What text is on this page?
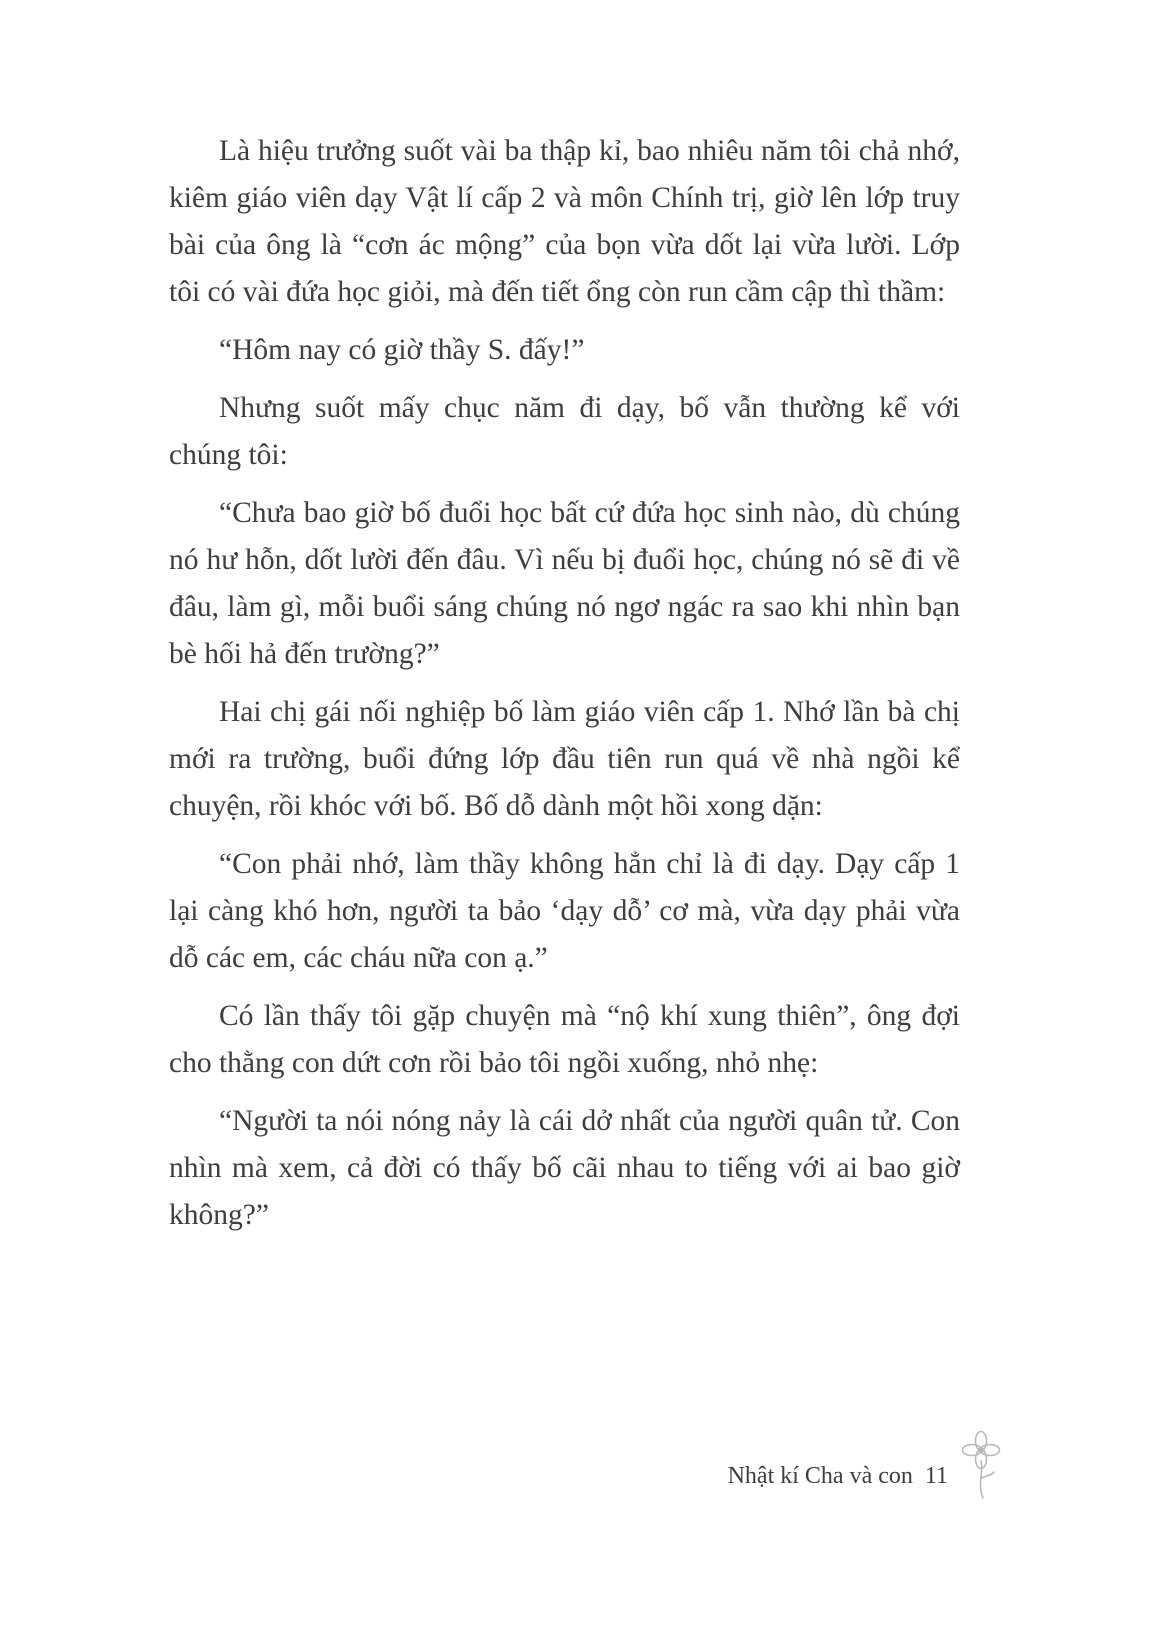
Là hiệu trưởng suốt vài ba thập kỉ, bao nhiêu năm tôi chả nhớ, kiêm giáo viên dạy Vật lí cấp 2 và môn Chính trị, giờ lên lớp truy bài của ông là “cơn ác mộng” của bọn vừa dốt lại vừa lười. Lớp tôi có vài đứa học giỏi, mà đến tiết ổng còn run cầm cập thì thầm:

“Hôm nay có giờ thầy S. đấy!”

Nhưng suốt mấy chục năm đi dạy, bố vẫn thường kể với chúng tôi:

“Chưa bao giờ bố đuổi học bất cứ đứa học sinh nào, dù chúng nó hư hỗn, dốt lười đến đâu. Vì nếu bị đuổi học, chúng nó sẽ đi về đâu, làm gì, mỗi buổi sáng chúng nó ngơ ngác ra sao khi nhìn bạn bè hối hả đến trường?”

Hai chị gái nối nghiệp bố làm giáo viên cấp 1. Nhớ lần bà chị mới ra trường, buổi đứng lớp đầu tiên run quá về nhà ngồi kể chuyện, rồi khóc với bố. Bố dỗ dành một hồi xong dặn:

“Con phải nhớ, làm thầy không hẳn chỉ là đi dạy. Dạy cấp 1 lại càng khó hơn, người ta bảo ‘dạy dỗ’ cơ mà, vừa dạy phải vừa dỗ các em, các cháu nữa con ạ.”

Có lần thấy tôi gặp chuyện mà “nộ khí xung thiên”, ông đợi cho thằng con dứt cơn rồi bảo tôi ngồi xuống, nhỏ nhẹ:

“Người ta nói nóng nảy là cái dở nhất của người quân tử. Con nhìn mà xem, cả đời có thấy bố cãi nhau to tiếng với ai bao giờ không?”

Nhật kí Cha và con 11
